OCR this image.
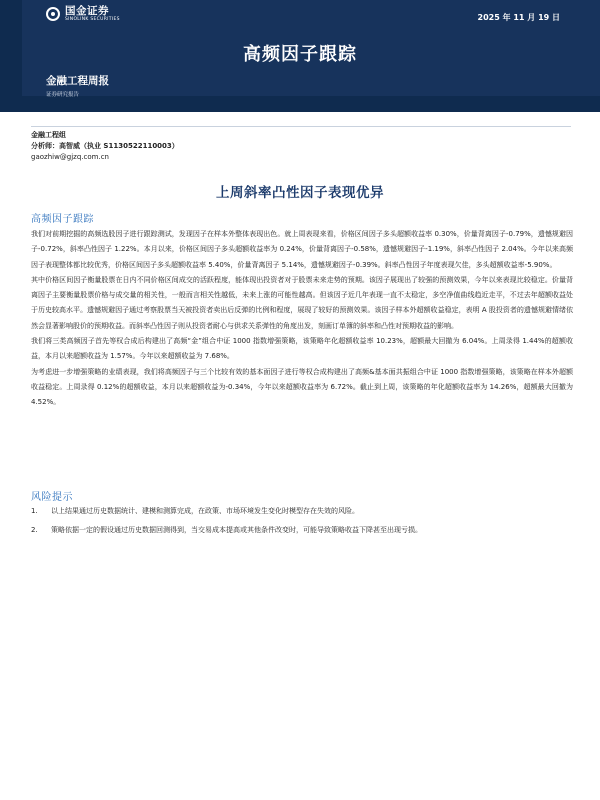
国金证券
SINOLINK SECURITIES	2025 年 11 月 19 日
高频因子跟踪
金融工程周报
证券研究报告
金融工程组
分析师：高智威（执业 S1130522110003）
gaozhiw@gjzq.com.cn
上周斜率凸性因子表现优异
高频因子跟踪

我们对前期挖掘的高频选股因子进行跟踪测试，发现因子在样本外整体表现出色。就上周表现来看，价格区间因子多头超额收益率 0.30%，价量背离因子-0.79%，遗憾规避因子-0.72%，斜率凸性因子 1.22%。本月以来，价格区间因子多头超额收益率为 0.24%，价量背离因子-0.58%，遗憾规避因子-1.19%，斜率凸性因子 2.04%。今年以来高频因子表现整体都比较优秀，价格区间因子多头超额收益率 5.40%，价量背离因子 5.14%，遗憾规避因子-0.39%。斜率凸性因子年度表现欠佳，多头超额收益率-5.90%。

其中价格区间因子衡量股票在日内不同价格区间成交的活跃程度，能体现出投资者对于股票未来走势的预期。该因子展现出了较强的预测效果，今年以来表现比较稳定。价量背离因子主要衡量股票价格与成交量的相关性，一般而言相关性越低，未来上涨的可能性越高。但该因子近几年表现一直不太稳定，多空净值曲线趋近走平，不过去年超额收益处于历史较高水平。遗憾规避因子通过考察股票当天被投资者卖出后反弹的比例和程度，展现了较好的预测效果。该因子样本外超额收益稳定，表明 A 股投资者的遗憾规避情绪依然会显著影响股价的预期收益。而斜率凸性因子则从投资者耐心与供求关系弹性的角度出发，刻画订单簿的斜率和凸性对预期收益的影响。

我们将三类高频因子首先等权合成后构建出了高频“金”组合中证 1000 指数增强策略，该策略年化超额收益率 10.23%，超额最大回撤为 6.04%。上周录得 1.44%的超额收益，本月以来超额收益为 1.57%。今年以来超额收益为 7.68%。

为考虑进一步增强策略的业绩表现，我们将高频因子与三个比较有效的基本面因子进行等权合成构建出了高频&基本面共振组合中证 1000 指数增强策略，该策略在样本外超额收益稳定。上周录得 0.12%的超额收益，本月以来超额收益为-0.34%，今年以来超额收益率为 6.72%。截止到上周，该策略的年化超额收益率为 14.26%，超额最大回撤为 4.52%。

风险提示
1.	以上结果通过历史数据统计、建模和测算完成，在政策、市场环境发生变化时模型存在失效的风险。
2.	策略依据一定的假设通过历史数据回测得到，当交易成本提高或其他条件改变时，可能导致策略收益下降甚至出现亏损。
